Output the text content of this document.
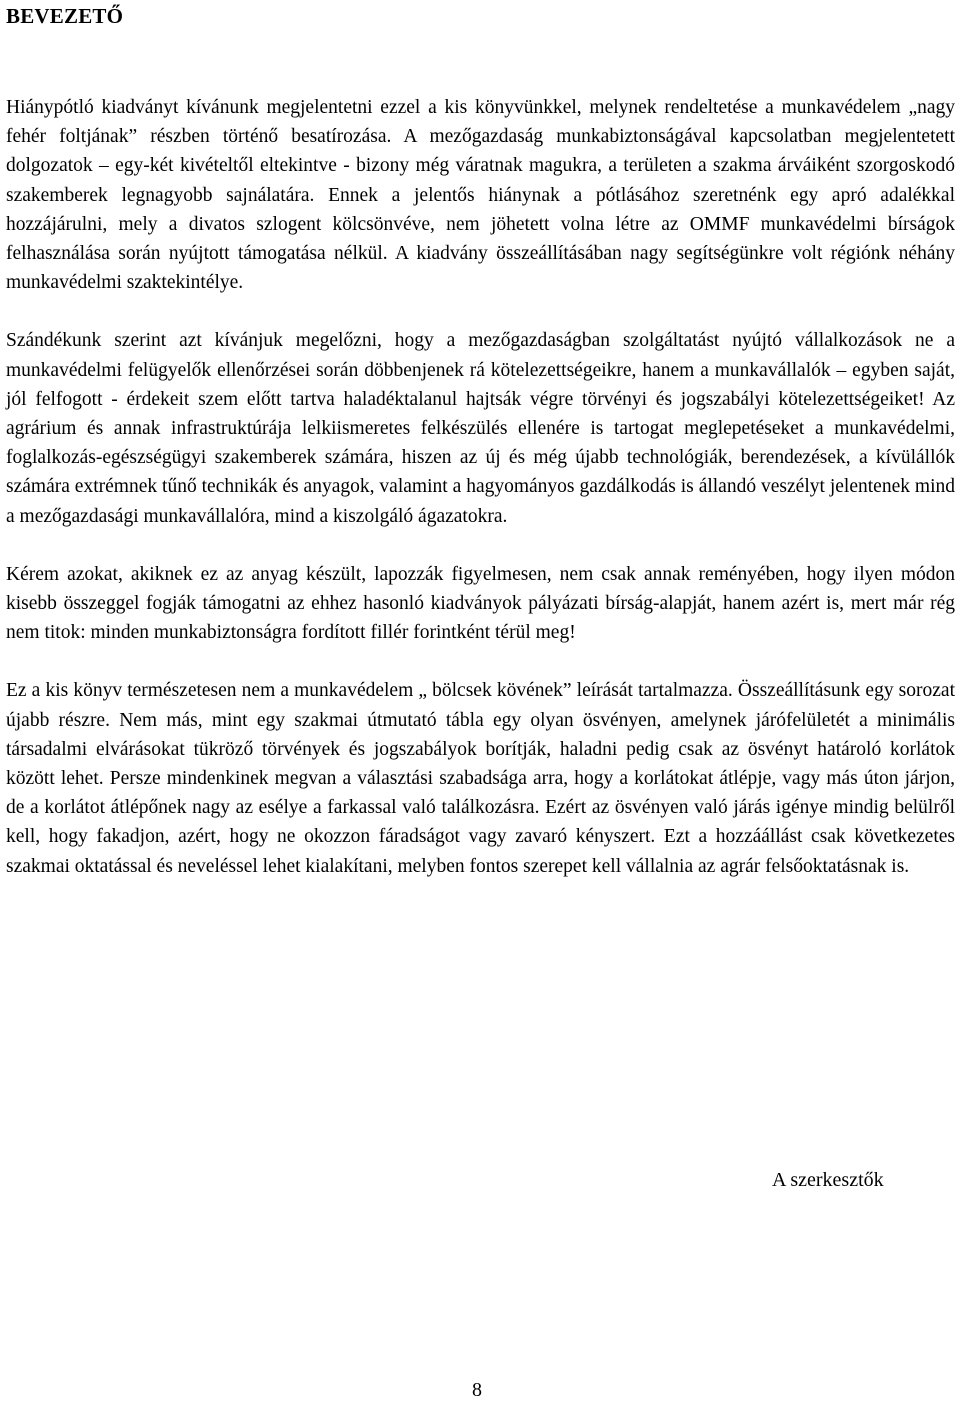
BEVEZETŐ

Hiánypótló kiadványt kívánunk megjelentetni ezzel a kis könyvünkkel, melynek rendeltetése a munkavédelem „nagy fehér foltjának” részben történő besatírozása. A mezőgazdaság munkabiztonságával kapcsolatban megjelentetett dolgozatok – egy-két kivételtől eltekintve - bizony még váratnak magukra, a területen a szakma árváiként szorgoskodó szakemberek legnagyobb sajnálatára. Ennek a jelentős hiánynak a pótlásához szeretnénk egy apró adalékkal hozzájárulni, mely a divatos szlogent kölcsönvéve, nem jöhetett volna létre az OMMF munkavédelmi bírságok felhasználása során nyújtott támogatása nélkül. A kiadvány összeállításában nagy segítségünkre volt régiónk néhány munkavédelmi szaktekintélye.

Szándékunk szerint azt kívánjuk megelőzni, hogy a mezőgazdaságban szolgáltatást nyújtó vállalkozások ne a munkavédelmi felügyelők ellenőrzései során döbbenjenek rá kötelezettségeikre, hanem a munkavállalók – egyben saját, jól felfogott - érdekeit szem előtt tartva haladéktalanul hajtsák végre törvényi és jogszabályi kötelezettségeiket! Az agrárium és annak infrastruktúrája lelkiismeretes felkészülés ellenére is tartogat meglepetéseket a munkavédelmi, foglalkozás-egészségügyi szakemberek számára, hiszen az új és még újabb technológiák, berendezések, a kívülállók számára extrémnek tűnő technikák és anyagok, valamint a hagyományos gazdálkodás is állandó veszélyt jelentenek mind a mezőgazdasági munkavállalóra, mind a kiszolgáló ágazatokra.

Kérem azokat, akiknek ez az anyag készült, lapozzák figyelmesen, nem csak annak reményében, hogy ilyen módon kisebb összeggel fogják támogatni az ehhez hasonló kiadványok pályázati bírság-alapját, hanem azért is, mert már rég nem titok: minden munkabiztonságra fordított fillér forintként térül meg!

Ez a kis könyv természetesen nem a munkavédelem „ bölcsek kövének” leírását tartalmazza. Összeállításunk egy sorozat újabb részre. Nem más, mint egy szakmai útmutató tábla egy olyan ösvényen, amelynek járófelületét a minimális társadalmi elvárásokat tükröző törvények és jogszabályok borítják, haladni pedig csak az ösvényt határoló korlátok között lehet. Persze mindenkinek megvan a választási szabadsága arra, hogy a korlátokat átlépje, vagy más úton járjon, de a korlátot átlépőnek nagy az esélye a farkassal való találkozásra. Ezért az ösvényen való járás igénye mindig belülről kell, hogy fakadjon, azért, hogy ne okozzon fáradságot vagy zavaró kényszert. Ezt a hozzáállást csak következetes szakmai oktatással és neveléssel lehet kialakítani, melyben fontos szerepet kell vállalnia az agrár felsőoktatásnak is.

A szerkesztők

8
